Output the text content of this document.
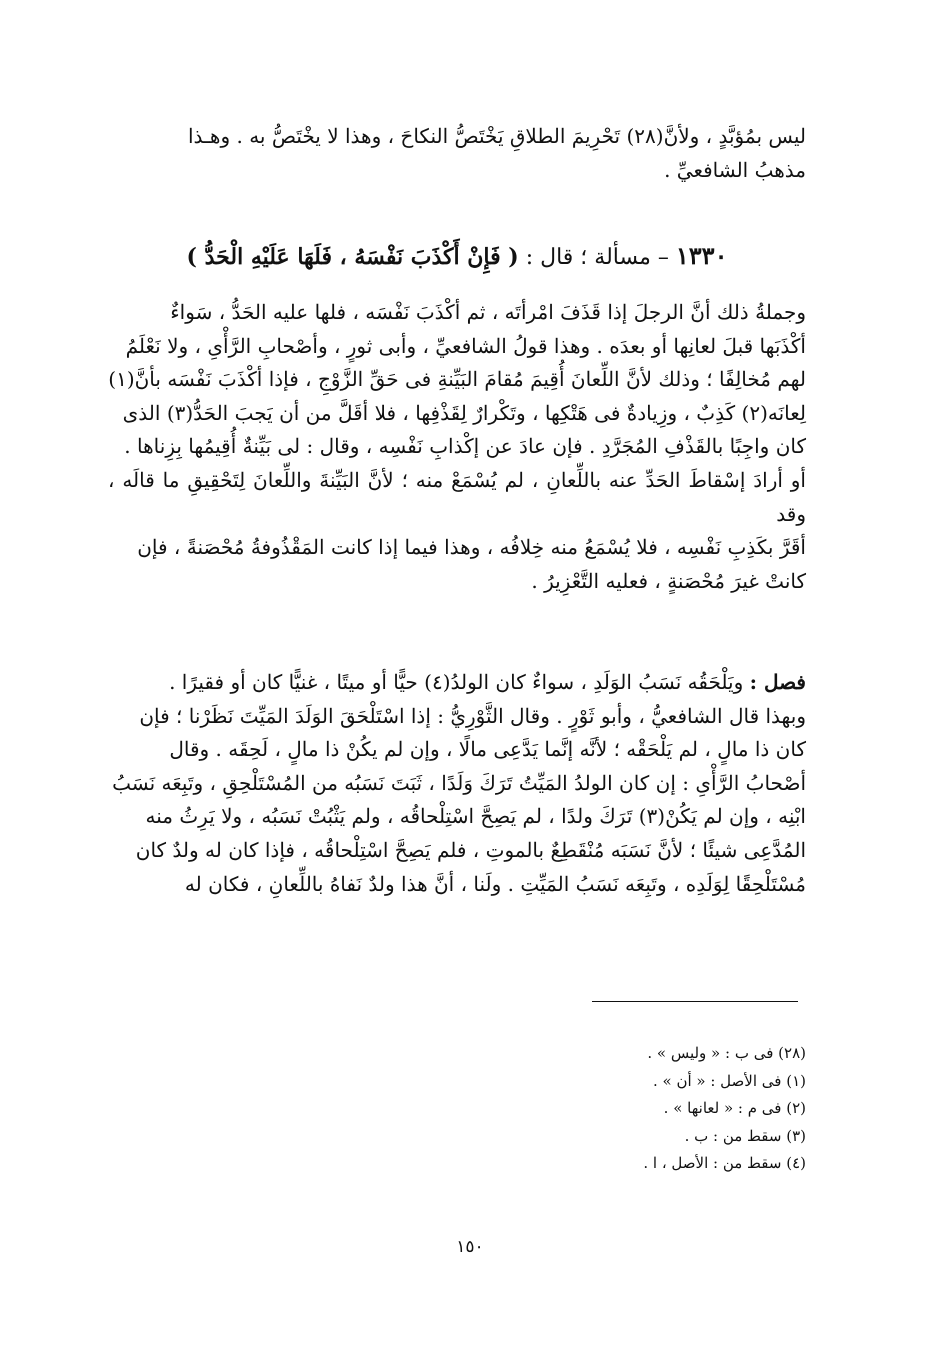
ليس بمُؤبَّدٍ ، ولأنَّ(٢٨) تَحْرِيمَ الطلاقِ يَخْتَصُّ النكاحَ ، وهذا لا يخْتَصُّ به . وهـذا
مذهبُ الشافعيِّ .
١٣٣٠ – مسألة ؛ قال : ( فَإِنْ أَكْذَبَ نَفْسَهُ ، فَلَهَا عَلَيْهِ الْحَدُّ )
وجملةُ ذلك أنَّ الرجلَ إذا قَذَفَ امْرأتَه ، ثم أكْذَبَ نَفْسَه ، فلها عليه الحَدُّ ، سَواءٌ
أكْذَبَها قبلَ لعانِها أو بعدَه . وهذا قولُ الشافعيِّ ، وأبى ثورٍ ، وأصْحابِ الرَّأْىِ ، ولا نَعْلَمُ
لهم مُخالِفًا ؛ وذلك لأنَّ اللِّعانَ أُقِيمَ مُقامَ البَيِّنةِ فى حَقِّ الزَّوْجِ ، فإذا أكْذَبَ نَفْسَه بأنَّ(١)
لِعانَه(٢) كَذِبٌ ، وزِيادةٌ فى هَتْكِها ، وتَكْرارٌ لِقَذْفِها ، فلا أقَلَّ من أن يَجبَ الحَدُّ(٣) الذى
كان واجِبًا بالقَذْفِ المُجَرَّدِ . فإن عادَ عن إكْذابِ نَفْسِه ، وقال : لى بَيِّنةٌ أُقِيمُها بِزِناها .
أو أرادَ إسْقاطَ الحَدِّ عنه باللِّعانِ ، لم يُسْمَعْ منه ؛ لأنَّ البَيِّنةَ واللِّعانَ لِتَحْقِيقِ ما قالَه ، وقد
أقَرَّ بكَذِبِ نَفْسِه ، فلا يُسْمَعُ منه خِلافُه ، وهذا فيما إذا كانت المَقْذُوفةُ مُحْصَنةً ، فإن
كانتْ غيرَ مُحْصَنةٍ ، فعليه التَّعْزِيرُ .
فصل : ويَلْحَقُه نَسَبُ الوَلَدِ ، سواءٌ كان الولدُ(٤) حيًّا أو ميتًا ، غنيًّا كان أو فقيرًا .
وبهذا قال الشافعيُّ ، وأبو ثَوْرٍ . وقال الثَّوْرِيُّ : إذا اسْتَلْحَقَ الوَلَدَ المَيِّتَ نَظَرْنا ؛ فإن
كان ذا مالٍ ، لم يَلْحَقْه ؛ لأنَّه إنَّما يَدَّعِى مالًا ، وإن لم يكُنْ ذا مالٍ ، لَحِقَه . وقال
أصْحابُ الرَّأْىِ : إن كان الولدُ المَيِّتُ تَرَكَ وَلَدًا ، ثَبَتَ نَسَبُه من المُسْتَلْحِقِ ، وتَبِعَه نَسَبُ
ابْنِه ، وإن لم يَكُنْ(٣) تَرَكَ ولدًا ، لم يَصِحَّ اسْتِلْحاقُه ، ولم يَثْبُتْ نَسَبُه ، ولا يَرِثُ منه
المُدَّعِى شيئًا ؛ لأنَّ نَسَبَه مُنْقَطِعٌ بالموتِ ، فلم يَصِحَّ اسْتِلْحاقُه ، فإذا كان له ولدٌ كان
مُسْتَلْحِقًا لِوَلَدِه ، وتَبِعَه نَسَبُ المَيِّتِ . ولَنا ، أنَّ هذا ولدٌ نَفاهُ باللِّعانِ ، فكان له
(٢٨) فى ب : « وليس » .
(١) فى الأصل : « أن » .
(٢) فى م : « لعانها » .
(٣) سقط من : ب .
(٤) سقط من : الأصل ، ا .
١٥٠
